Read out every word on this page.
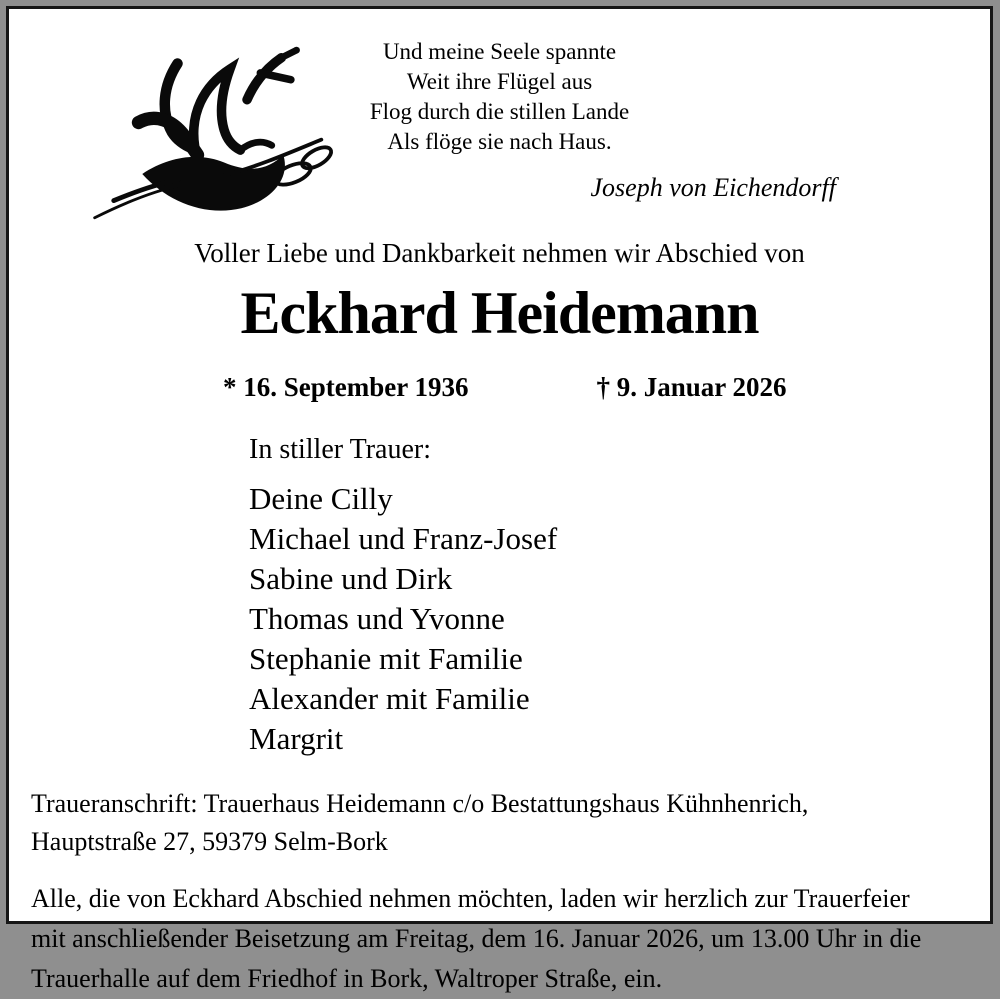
Und meine Seele spannte
Weit ihre Flügel aus
Flog durch die stillen Lande
Als flöge sie nach Haus.
Joseph von Eichendorff
Voller Liebe und Dankbarkeit nehmen wir Abschied von
Eckhard Heidemann
* 16. September 1936	† 9. Januar 2026
In stiller Trauer:
Deine Cilly
Michael und Franz-Josef
Sabine und Dirk
Thomas und Yvonne
Stephanie mit Familie
Alexander mit Familie
Margrit
Traueranschrift: Trauerhaus Heidemann c/o Bestattungshaus Kühnhenrich,
Hauptstraße 27, 59379 Selm-Bork
Alle, die von Eckhard Abschied nehmen möchten, laden wir herzlich zur Trauerfeier
mit anschließender Beisetzung am Freitag, dem 16. Januar 2026, um 13.00 Uhr in die
Trauerhalle auf dem Friedhof in Bork, Waltroper Straße, ein.
